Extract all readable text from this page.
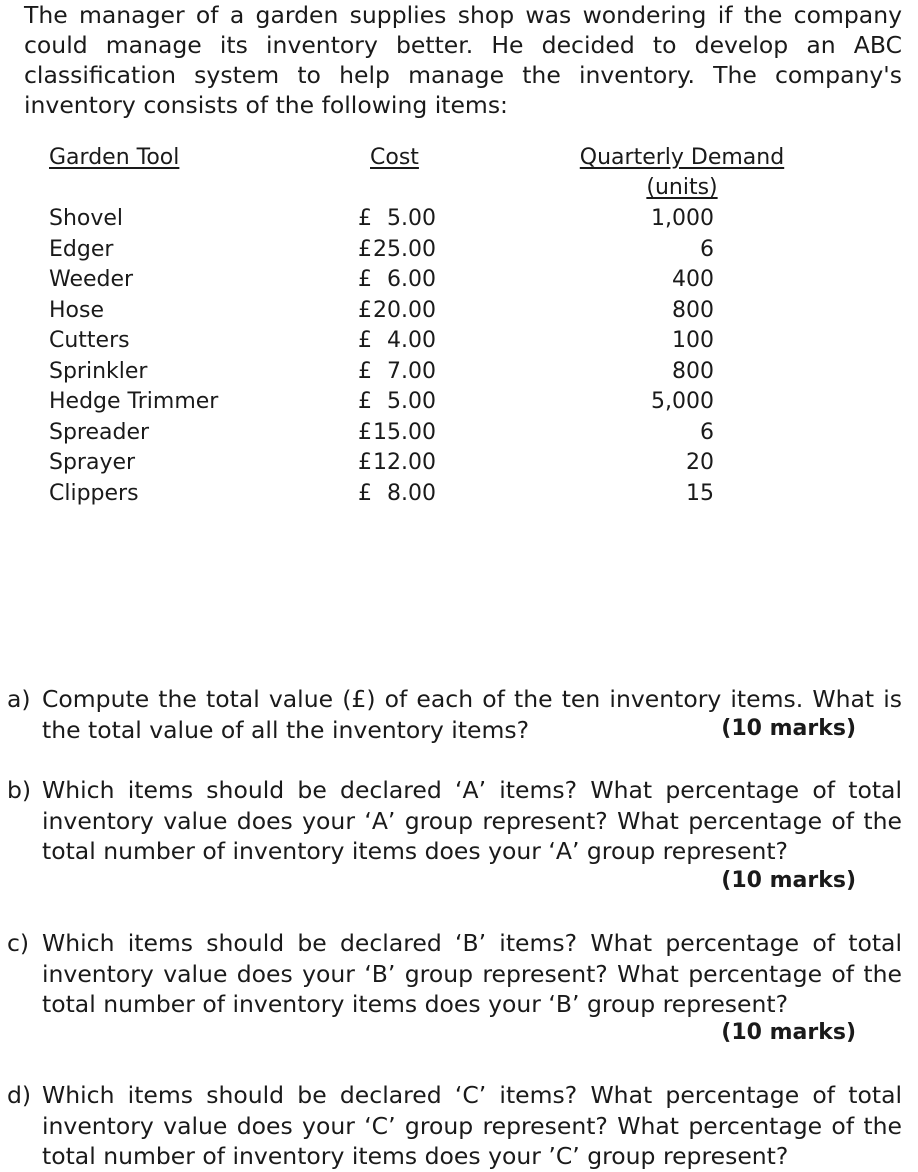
The manager of a garden supplies shop was wondering if the company could manage its inventory better. He decided to develop an ABC classification system to help manage the inventory. The company's inventory consists of the following items:
Garden Tool	Cost	Quarterly Demand
(units)
Shovel	£ 5.00	1,000
Edger	£ 25.00	6
Weeder	£ 6.00	400
Hose	£ 20.00	800
Cutters	£ 4.00	100
Sprinkler	£ 7.00	800
Hedge Trimmer	£ 5.00	5,000
Spreader	£ 15.00	6
Sprayer	£ 12.00	20
Clippers	£ 8.00	15
a) Compute the total value (£) of each of the ten inventory items. What is the total value of all the inventory items?	(10 marks)
b) Which items should be declared ‘A’ items? What percentage of total inventory value does your ‘A’ group represent? What percentage of the total number of inventory items does your ‘A’ group represent?
(10 marks)
c) Which items should be declared ‘B’ items? What percentage of total inventory value does your ‘B’ group represent? What percentage of the total number of inventory items does your ‘B’ group represent?
(10 marks)
d) Which items should be declared ‘C’ items? What percentage of total inventory value does your ‘C’ group represent? What percentage of the total number of inventory items does your ’C’ group represent?
